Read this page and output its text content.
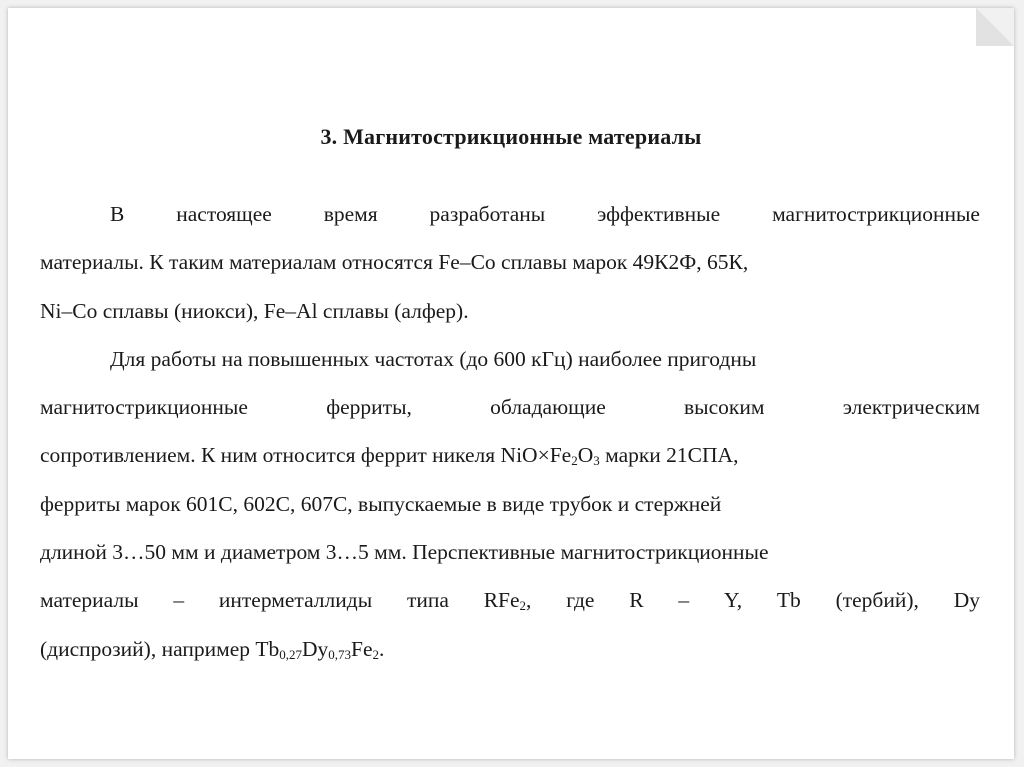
3. Магнитострикционные материалы
В настоящее время разработаны эффективные магнитострикционные
материалы. К таким материалам относятся Fe–Co сплавы марок 49К2Ф, 65К,
Ni–Co сплавы (ниокси), Fe–Al сплавы (алфер).
Для работы на повышенных частотах (до 600 кГц) наиболее пригодны
магнитострикционные	ферриты,	обладающие	высоким	электрическим
сопротивлением. К ним относится феррит никеля $NiO\times Fe_2O_3$ марки 21СПА,
ферриты марок 601С, 602С, 607С, выпускаемые в виде трубок и стержней
длиной 3…50 мм и диаметром 3…5 мм. Перспективные магнитострикционные
материалы – интерметаллиды типа RFe$_2$, где R – Y, Tb (тербий), Dy
(диспрозий), например $Tb_{0,27}Dy_{0,73}Fe_2$.
